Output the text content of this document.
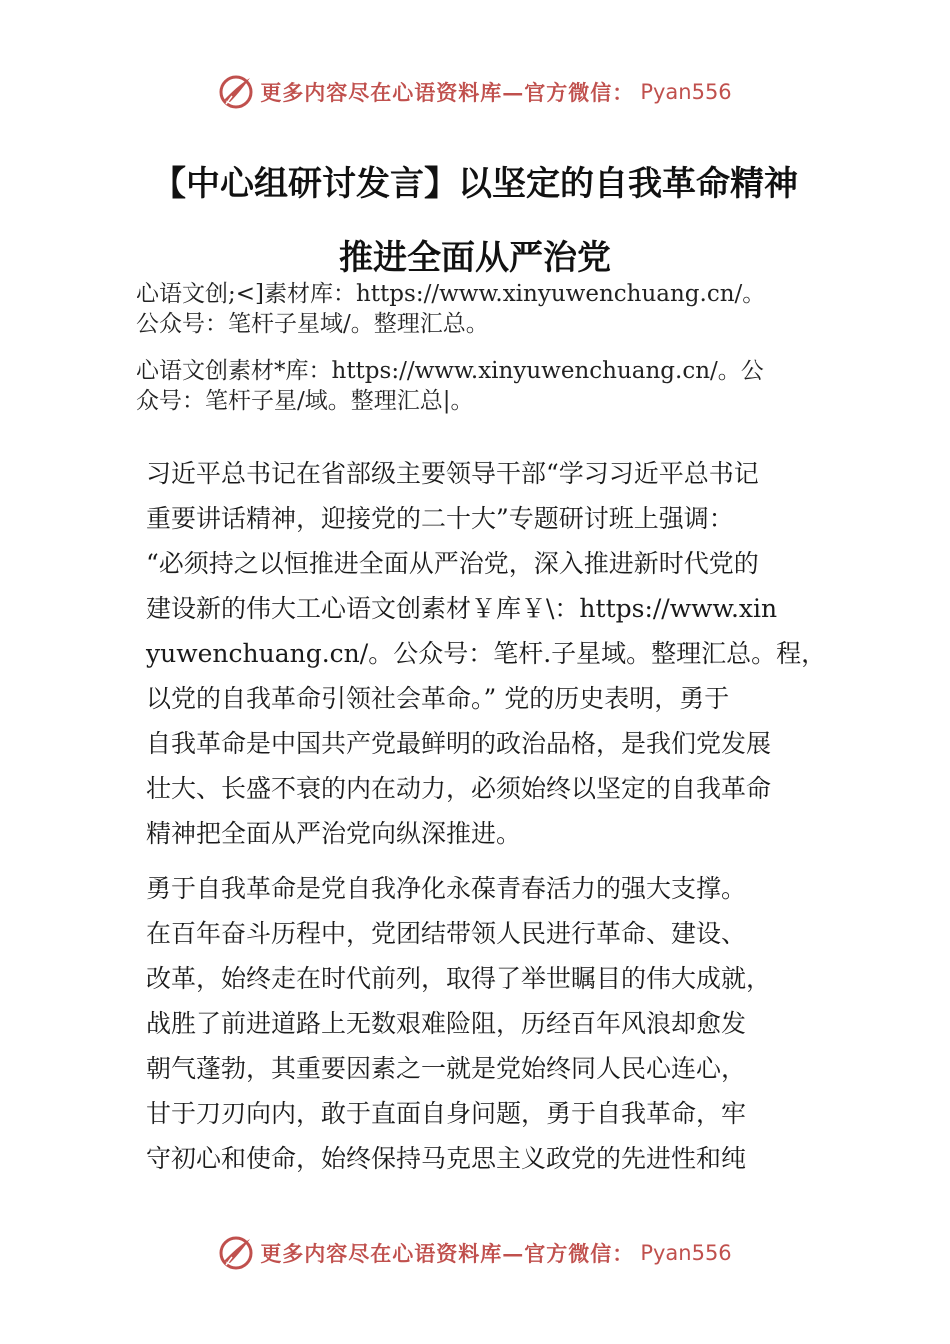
更多内容尽在心语资料库—官方微信： Pyan556
【中心组研讨发言】以坚定的自我革命精神
推进全面从严治党
心语文创;<]素材库：https://www.xinyuwenchuang.cn/。
公众号：笔杆子星域/。整理汇总。
心语文创素材*库：https://www.xinyuwenchuang.cn/。公
众号：笔杆子星/域。整理汇总|。
习近平总书记在省部级主要领导干部“学习习近平总书记
重要讲话精神，迎接党的二十大”专题研讨班上强调：
“必须持之以恒推进全面从严治党，深入推进新时代党的
建设新的伟大工心语文创素材￥库￥\：https://www.xin
yuwenchuang.cn/。公众号：笔杆.子星域。整理汇总。程，
以党的自我革命引领社会革命。” 党的历史表明，勇于
自我革命是中国共产党最鲜明的政治品格，是我们党发展
壮大、长盛不衰的内在动力，必须始终以坚定的自我革命
精神把全面从严治党向纵深推进。
勇于自我革命是党自我净化永葆青春活力的强大支撑。
在百年奋斗历程中，党团结带领人民进行革命、建设、
改革，始终走在时代前列，取得了举世瞩目的伟大成就，
战胜了前进道路上无数艰难险阻，历经百年风浪却愈发
朝气蓬勃，其重要因素之一就是党始终同人民心连心，
甘于刀刃向内，敢于直面自身问题，勇于自我革命，牢
守初心和使命，始终保持马克思主义政党的先进性和纯
更多内容尽在心语资料库—官方微信： Pyan556
